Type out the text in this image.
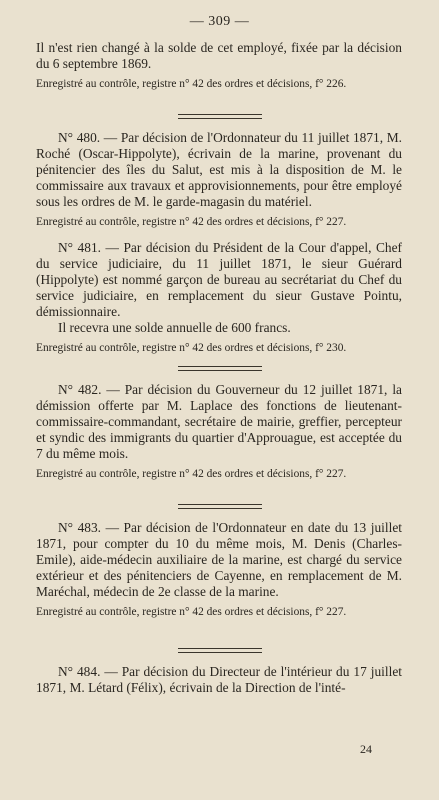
— 309 —

Il n'est rien changé à la solde de cet employé, fixée par la décision du 6 septembre 1869.

Enregistré au contrôle, registre n° 42 des ordres et décisions, f° 226.

N° 480. — Par décision de l'Ordonnateur du 11 juillet 1871, M. Roché (Oscar-Hippolyte), écrivain de la marine, provenant du pénitencier des îles du Salut, est mis à la disposition de M. le commissaire aux travaux et approvisionnements, pour être employé sous les ordres de M. le garde-magasin du matériel.

Enregistré au contrôle, registre n° 42 des ordres et décisions, f° 227.

N° 481. — Par décision du Président de la Cour d'appel, Chef du service judiciaire, du 11 juillet 1871, le sieur Guérard (Hippolyte) est nommé garçon de bureau au secrétariat du Chef du service judiciaire, en remplacement du sieur Gustave Pointu, démissionnaire.

Il recevra une solde annuelle de 600 francs.

Enregistré au contrôle, registre n° 42 des ordres et décisions, f° 230.

N° 482. — Par décision du Gouverneur du 12 juillet 1871, la démission offerte par M. Laplace des fonctions de lieutenant-commissaire-commandant, secrétaire de mairie, greffier, percepteur et syndic des immigrants du quartier d'Approuague, est acceptée du 7 du même mois.

Enregistré au contrôle, registre n° 42 des ordres et décisions, f° 227.

N° 483. — Par décision de l'Ordonnateur en date du 13 juillet 1871, pour compter du 10 du même mois, M. Denis (Charles-Emile), aide-médecin auxiliaire de la marine, est chargé du service extérieur et des pénitenciers de Cayenne, en remplacement de M. Maréchal, médecin de 2e classe de la marine.

Enregistré au contrôle, registre n° 42 des ordres et décisions, f° 227.

N° 484. — Par décision du Directeur de l'intérieur du 17 juillet 1871, M. Létard (Félix), écrivain de la Direction de l'inté-

24
